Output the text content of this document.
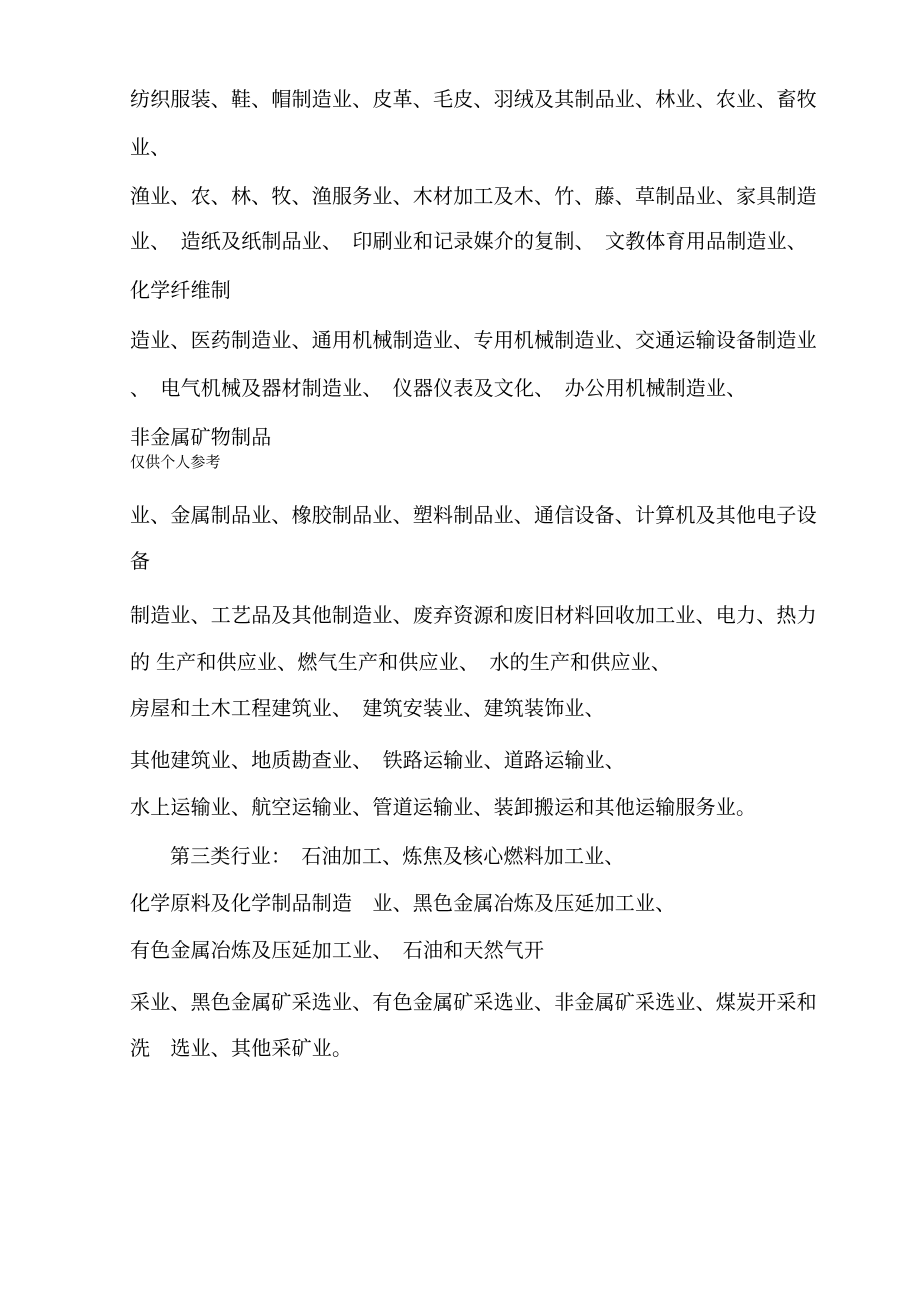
纺织服装、鞋、帽制造业、皮革、毛皮、羽绒及其制品业、林业、农业、畜牧
业、
渔业、农、林、牧、渔服务业、木材加工及木、竹、藤、草制品业、家具制造
业、　造纸及纸制品业、　印刷业和记录媒介的复制、　文教体育用品制造业、
化学纤维制
造业、医药制造业、通用机械制造业、专用机械制造业、交通运输设备制造业
、　电气机械及器材制造业、　仪器仪表及文化、　办公用机械制造业、
非金属矿物制品
仅供个人参考
业、金属制品业、橡胶制品业、塑料制品业、通信设备、计算机及其他电子设
备
制造业、工艺品及其他制造业、废弃资源和废旧材料回收加工业、电力、热力
的 生产和供应业、燃气生产和供应业、　水的生产和供应业、
房屋和土木工程建筑业、　建筑安装业、建筑装饰业、
其他建筑业、地质勘查业、　铁路运输业、道路运输业、
水上运输业、航空运输业、管道运输业、装卸搬运和其他运输服务业。
第三类行业：　石油加工、炼焦及核心燃料加工业、
化学原料及化学制品制造　业、黑色金属冶炼及压延加工业、
有色金属冶炼及压延加工业、　石油和天然气开
采业、黑色金属矿采选业、有色金属矿采选业、非金属矿采选业、煤炭开采和
洗　选业、其他采矿业。
